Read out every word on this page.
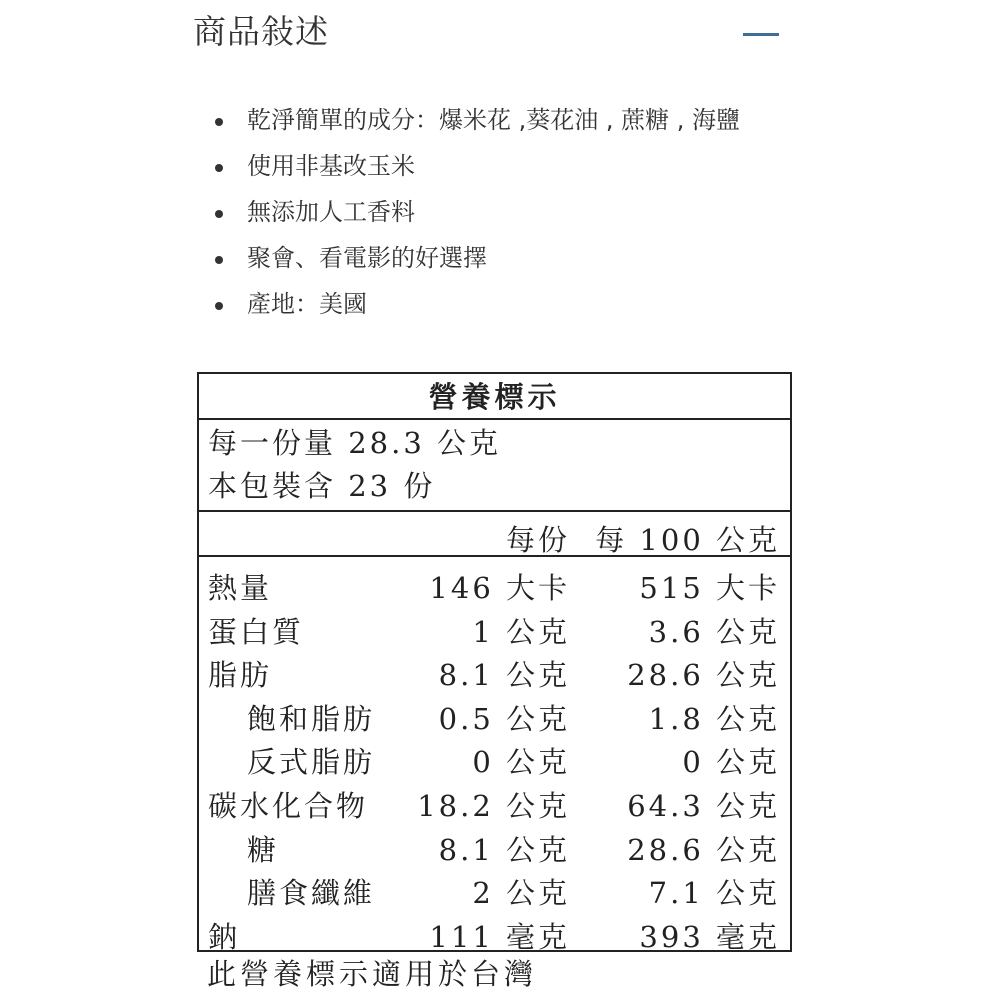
商品敍述
乾淨簡單的成分：爆米花 ,葵花油 , 蔗糖 , 海鹽
使用非基改玉米
無添加人工香料
聚會、看電影的好選擇
產地：美國
營養標示
每一份量 28.3 公克
本包裝含 23 份
每份 每 100 公克
熱量	146 大卡 515 大卡
蛋白質	1 公克	3.6 公克
脂肪	8.1 公克 28.6 公克
飽和脂肪 0.5 公克	1.8 公克
反式脂肪	0 公克	0 公克
碳水化合物 18.2 公克 64.3 公克
糖	8.1 公克 28.6 公克
膳食纖維	2 公克	7.1 公克
鈉	111 毫克 393 毫克
此營養標示適用於台灣
